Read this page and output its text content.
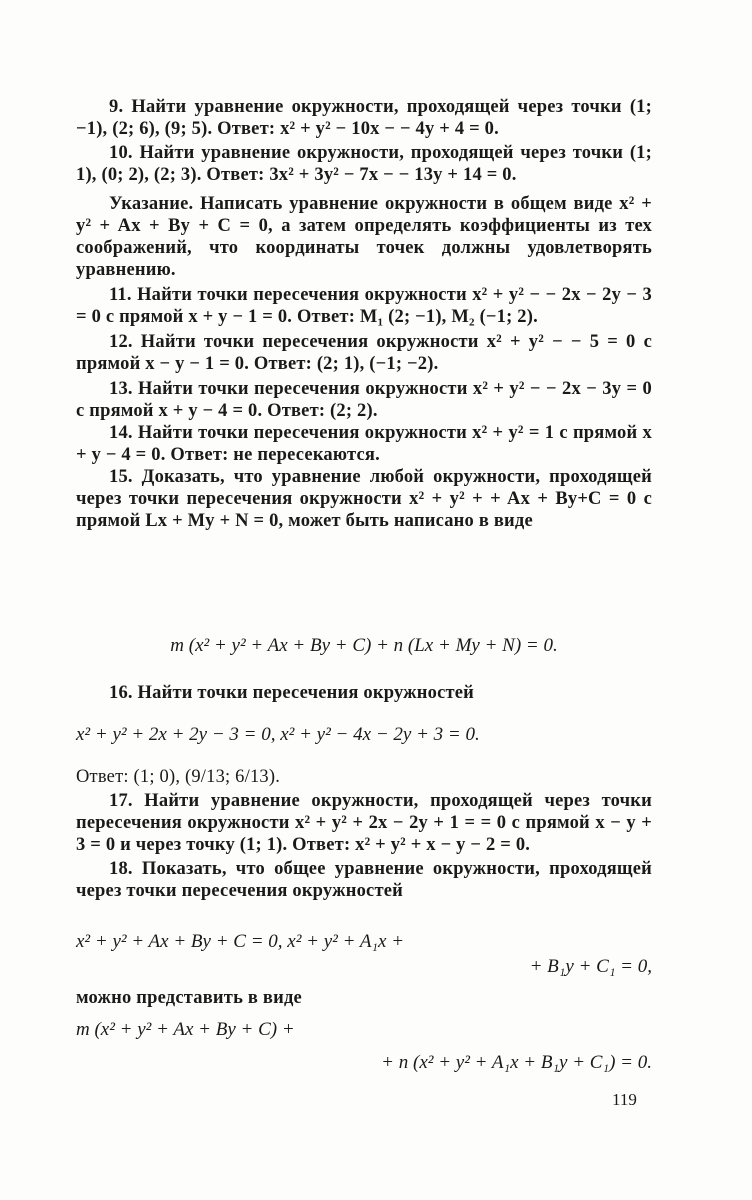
9. Найти уравнение окружности, проходящей через точки (1; −1), (2; 6), (9; 5). Ответ: x² + y² − 10x − − 4y + 4 = 0.

10. Найти уравнение окружности, проходящей через точки (1; 1), (0; 2), (2; 3). Ответ: 3x² + 3y² − 7x − − 13y + 14 = 0.

Указание. Написать уравнение окружности в общем виде x² + y² + Ax + By + C = 0, а затем определять коэффициенты из тех соображений, что координаты точек должны удовлетворять уравнению.

11. Найти точки пересечения окружности x² + y² − − 2x − 2y − 3 = 0 с прямой x + y − 1 = 0. Ответ: M₁ (2; −1), M₂ (−1; 2).

12. Найти точки пересечения окружности x² + y² − − 5 = 0 с прямой x − y − 1 = 0. Ответ: (2; 1), (−1; −2).

13. Найти точки пересечения окружности x² + y² − − 2x − 3y = 0 с прямой x + y − 4 = 0. Ответ: (2; 2).

14. Найти точки пересечения окружности x² + y² = 1 с прямой x + y − 4 = 0. Ответ: не пересекаются.

15. Доказать, что уравнение любой окружности, проходящей через точки пересечения окружности x² + y² + + Ax + By+C = 0 с прямой Lx + My + N = 0, может быть написано в виде

m (x² + y² + Ax + By + C) + n (Lx + My + N) = 0.

16. Найти точки пересечения окружностей

x² + y² + 2x + 2y − 3 = 0, x² + y² − 4x − 2y + 3 = 0.

Ответ: (1; 0), (9/13; 6/13).

17. Найти уравнение окружности, проходящей через точки пересечения окружности x² + y² + 2x − 2y + 1 = = 0 с прямой x − y + 3 = 0 и через точку (1; 1). Ответ: x² + y² + x − y − 2 = 0.

18. Показать, что общее уравнение окружности, проходящей через точки пересечения окружностей

x² + y² + Ax + By + C = 0, x² + y² + A₁x +
+ B₁y + C₁ = 0,

можно представить в виде

m (x² + y² + Ax + By + C) +
+ n (x² + y² + A₁x + B₁y + C₁) = 0.
119
